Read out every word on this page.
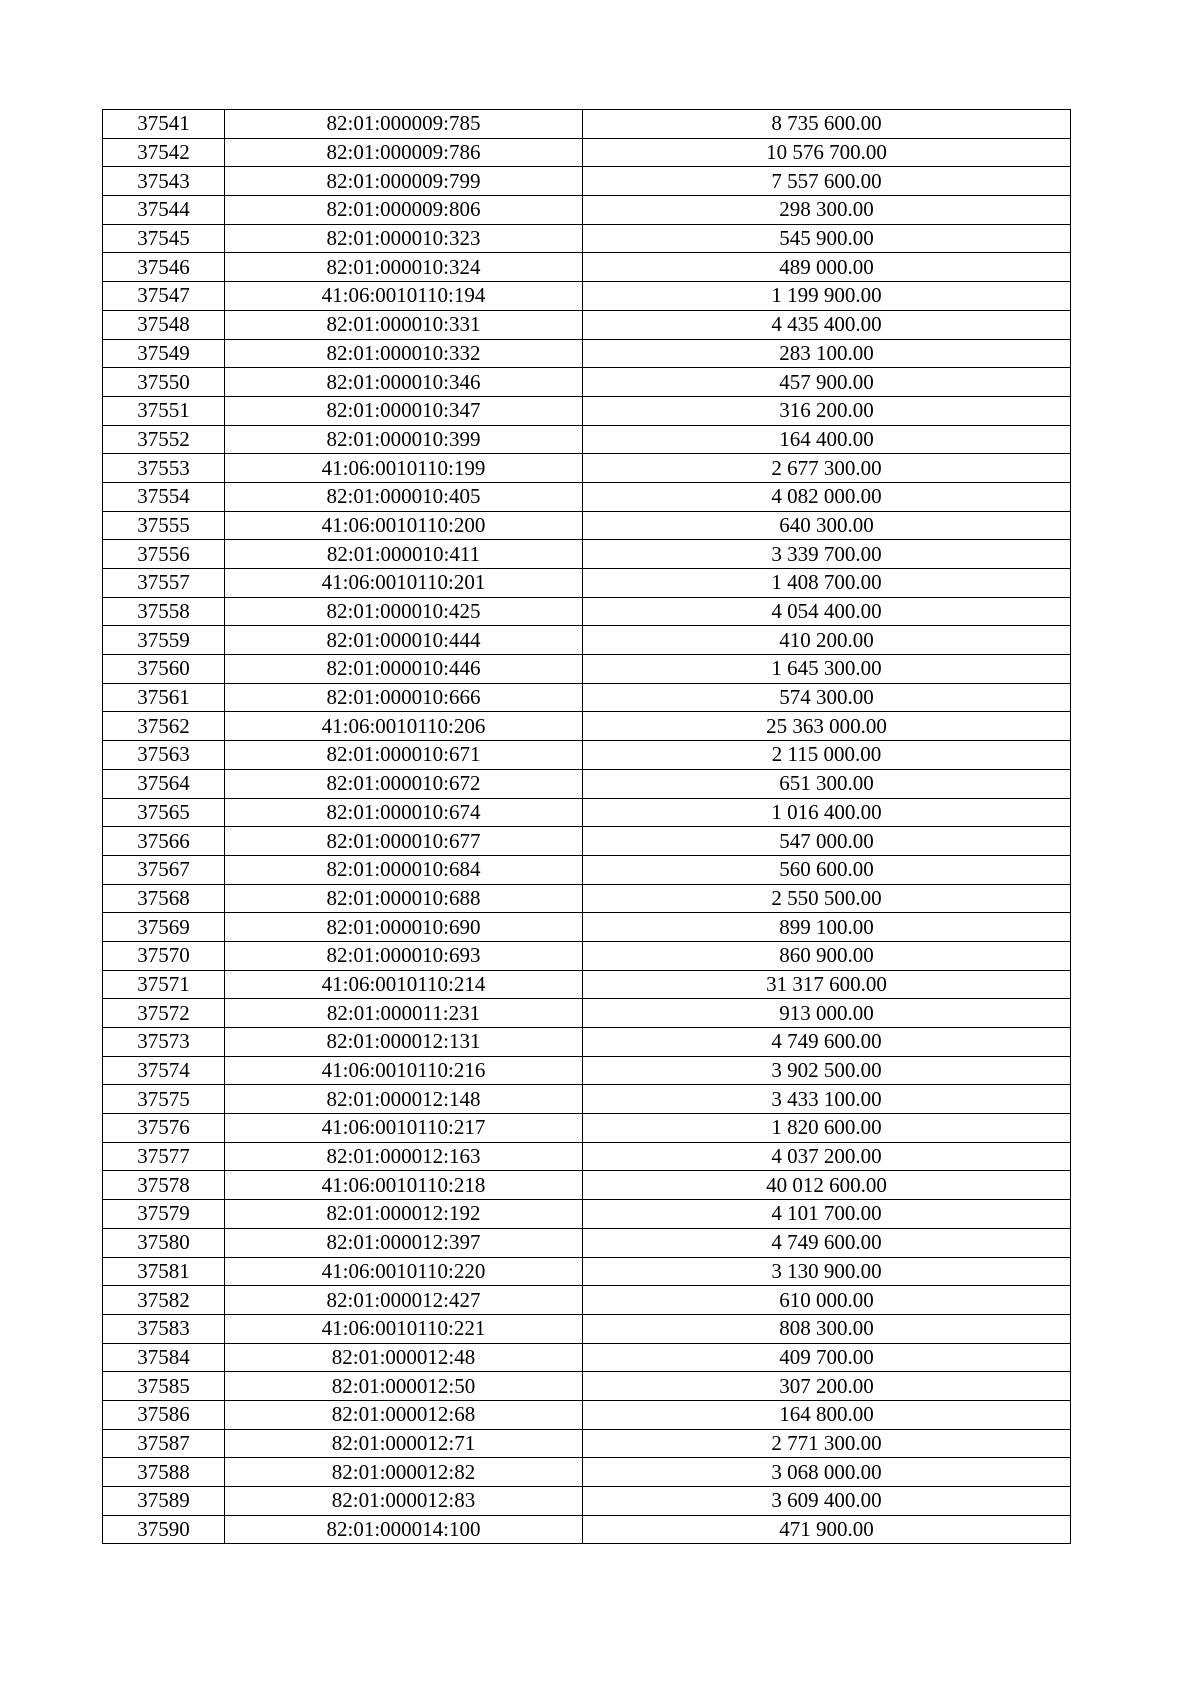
37541	82:01:000009:785	8 735 600.00
37542	82:01:000009:786	10 576 700.00
37543	82:01:000009:799	7 557 600.00
37544	82:01:000009:806	298 300.00
37545	82:01:000010:323	545 900.00
37546	82:01:000010:324	489 000.00
37547	41:06:0010110:194	1 199 900.00
37548	82:01:000010:331	4 435 400.00
37549	82:01:000010:332	283 100.00
37550	82:01:000010:346	457 900.00
37551	82:01:000010:347	316 200.00
37552	82:01:000010:399	164 400.00
37553	41:06:0010110:199	2 677 300.00
37554	82:01:000010:405	4 082 000.00
37555	41:06:0010110:200	640 300.00
37556	82:01:000010:411	3 339 700.00
37557	41:06:0010110:201	1 408 700.00
37558	82:01:000010:425	4 054 400.00
37559	82:01:000010:444	410 200.00
37560	82:01:000010:446	1 645 300.00
37561	82:01:000010:666	574 300.00
37562	41:06:0010110:206	25 363 000.00
37563	82:01:000010:671	2 115 000.00
37564	82:01:000010:672	651 300.00
37565	82:01:000010:674	1 016 400.00
37566	82:01:000010:677	547 000.00
37567	82:01:000010:684	560 600.00
37568	82:01:000010:688	2 550 500.00
37569	82:01:000010:690	899 100.00
37570	82:01:000010:693	860 900.00
37571	41:06:0010110:214	31 317 600.00
37572	82:01:000011:231	913 000.00
37573	82:01:000012:131	4 749 600.00
37574	41:06:0010110:216	3 902 500.00
37575	82:01:000012:148	3 433 100.00
37576	41:06:0010110:217	1 820 600.00
37577	82:01:000012:163	4 037 200.00
37578	41:06:0010110:218	40 012 600.00
37579	82:01:000012:192	4 101 700.00
37580	82:01:000012:397	4 749 600.00
37581	41:06:0010110:220	3 130 900.00
37582	82:01:000012:427	610 000.00
37583	41:06:0010110:221	808 300.00
37584	82:01:000012:48	409 700.00
37585	82:01:000012:50	307 200.00
37586	82:01:000012:68	164 800.00
37587	82:01:000012:71	2 771 300.00
37588	82:01:000012:82	3 068 000.00
37589	82:01:000012:83	3 609 400.00
37590	82:01:000014:100	471 900.00
